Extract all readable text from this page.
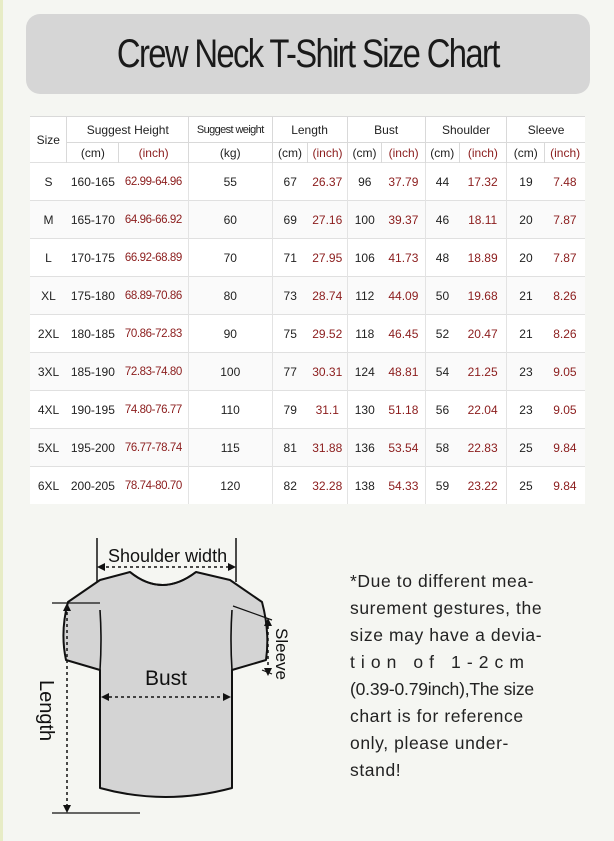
Crew Neck T-Shirt Size Chart
Size	Suggest Height		Suggest weight	Length		Bust		Shoulder		Sleeve	
	(cm)	(inch)	(kg)	(cm)	(inch)	(cm)	(inch)	(cm)	(inch)	(cm)	(inch)
S	160-165	62.99-64.96	55	67	26.37	96	37.79	44	17.32	19	7.48
M	165-170	64.96-66.92	60	69	27.16	100	39.37	46	18.11	20	7.87
L	170-175	66.92-68.89	70	71	27.95	106	41.73	48	18.89	20	7.87
XL	175-180	68.89-70.86	80	73	28.74	112	44.09	50	19.68	21	8.26
2XL	180-185	70.86-72.83	90	75	29.52	118	46.45	52	20.47	21	8.26
3XL	185-190	72.83-74.80	100	77	30.31	124	48.81	54	21.25	23	9.05
4XL	190-195	74.80-76.77	110	79	31.1	130	51.18	56	22.04	23	9.05
5XL	195-200	76.77-78.74	115	81	31.88	136	53.54	58	22.83	25	9.84
6XL	200-205	78.74-80.70	120	82	32.28	138	54.33	59	23.22	25	9.84
Shoulder width
Bust	Sleeve
Length
*Due to different mea-
surement gestures, the
size may have a devia-
t i o n   o f   1 - 2 c m
(0.39-0.79inch),The size
chart is for reference
only, please under-
stand!
